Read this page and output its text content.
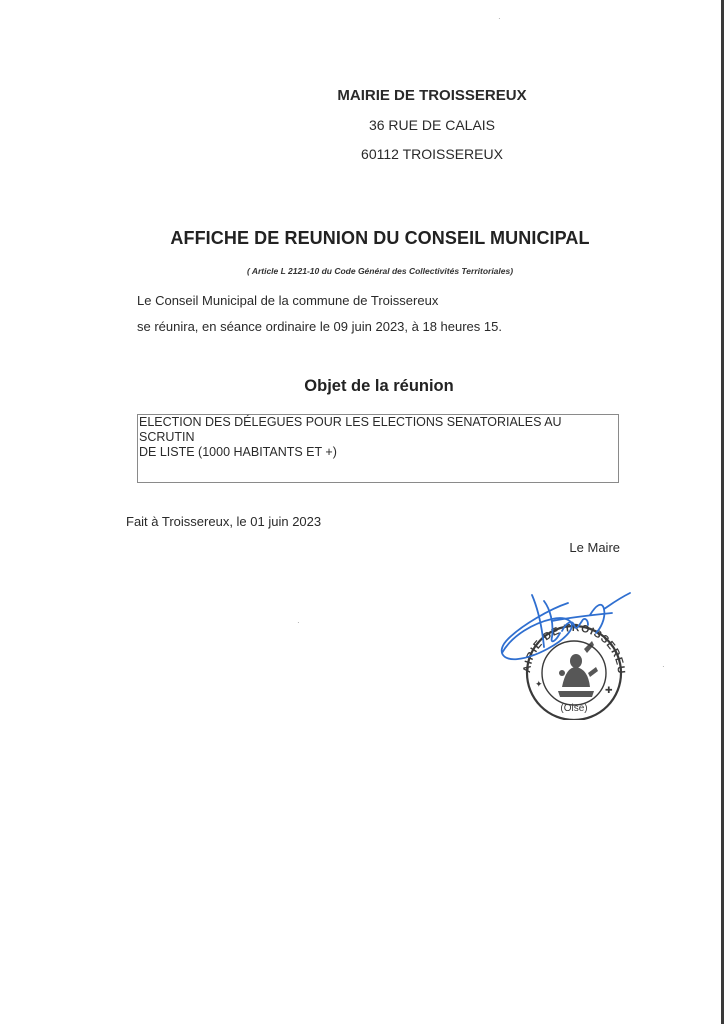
MAIRIE DE TROISSEREUX
36 RUE DE CALAIS
60112 TROISSEREUX
AFFICHE DE REUNION DU CONSEIL MUNICIPAL
( Article L 2121-10 du Code Général des Collectivités Territoriales)
Le Conseil Municipal de la commune de Troissereux
se réunira, en séance ordinaire le 09 juin 2023, à 18 heures 15.
Objet de la réunion
ELECTION DES DÉLEGUES POUR LES ELECTIONS SENATORIALES AU SCRUTIN
DE LISTE (1000 HABITANTS ET +)
Fait à Troissereux, le 01 juin 2023
Le Maire
AIRIE DE TROISSEREU
(Oise)
✦
✚
·
·
·
